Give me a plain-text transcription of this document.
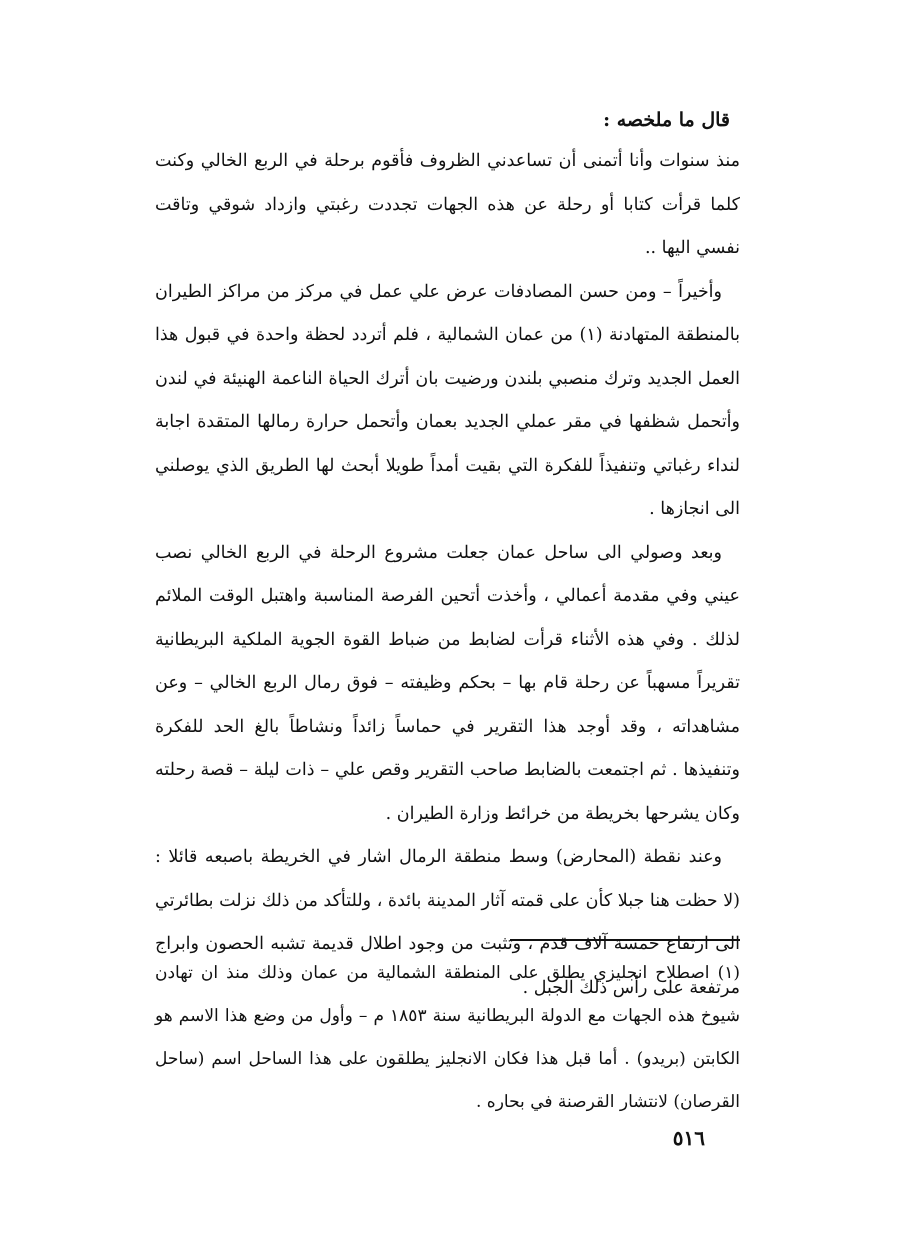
قال ما ملخصه :

منذ سنوات وأنا أتمنى أن تساعدني الظروف فأقوم برحلة في الربع الخالي وكنت كلما قرأت كتابا أو رحلة عن هذه الجهات تجددت رغبتي وازداد شوقي وتاقت نفسي اليها ..

وأخيراً – ومن حسن المصادفات عرض علي عمل في مركز من مراكز الطيران بالمنطقة المتهادنة (١) من عمان الشمالية ، فلم أتردد لحظة واحدة في قبول هذا العمل الجديد وترك منصبي بلندن ورضيت بان أترك الحياة الناعمة الهنيئة في لندن وأتحمل شظفها في مقر عملي الجديد بعمان وأتحمل حرارة رمالها المتقدة اجابة لنداء رغباتي وتنفيذاً للفكرة التي بقيت أمداً طويلا أبحث لها الطريق الذي يوصلني الى انجازها .

وبعد وصولي الى ساحل عمان جعلت مشروع الرحلة في الربع الخالي نصب عيني وفي مقدمة أعمالي ، وأخذت أتحين الفرصة المناسبة واهتبل الوقت الملائم لذلك . وفي هذه الأثناء قرأت لضابط من ضباط القوة الجوية الملكية البريطانية تقريراً مسهباً عن رحلة قام بها – بحكم وظيفته – فوق رمال الربع الخالي – وعن مشاهداته ، وقد أوجد هذا التقرير في حماساً زائداً ونشاطاً بالغ الحد للفكرة وتنفيذها . ثم اجتمعت بالضابط صاحب التقرير وقص علي – ذات ليلة – قصة رحلته وكان يشرحها بخريطة من خرائط وزارة الطيران .

وعند نقطة (المحارض) وسط منطقة الرمال اشار في الخريطة باصبعه قائلا : (لا حظت هنا جبلا كأن على قمته آثار المدينة بائدة ، وللتأكد من ذلك نزلت بطائرتي الى ارتفاع خمسة آلاف قدم ، وتثبت من وجود اطلال قديمة تشبه الحصون وابراج مرتفعة على رأس ذلك الجبل .

(١) اصطلاح انجليزي يطلق على المنطقة الشمالية من عمان وذلك منذ ان تهادن شيوخ هذه الجهات مع الدولة البريطانية سنة ١٨٥٣ م – وأول من وضع هذا الاسم هو الكابتن (بريدو) . أما قبل هذا فكان الانجليز يطلقون على هذا الساحل اسم (ساحل القرصان) لانتشار القرصنة في بحاره .
٥١٦
